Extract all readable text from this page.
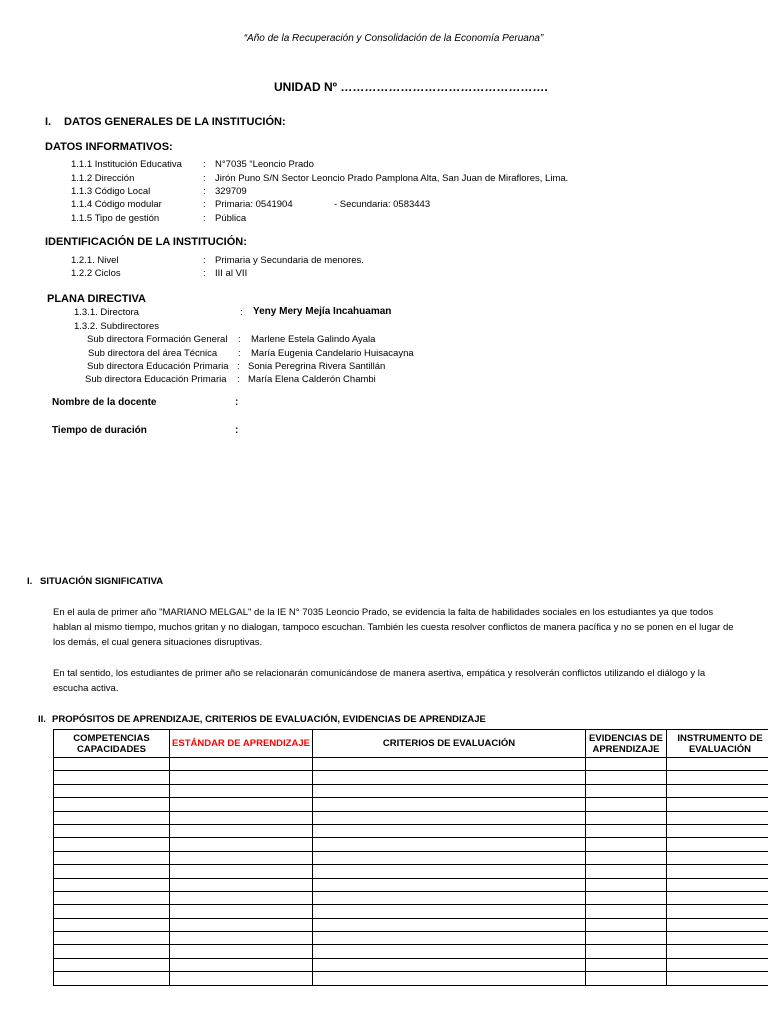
“Año de la Recuperación y Consolidación de la Economía Peruana”
UNIDAD Nº …………………………………………….
I. DATOS GENERALES DE LA INSTITUCIÓN:
DATOS INFORMATIVOS:
1.1.1 Institución Educativa : N°7035 “Leoncio Prado
1.1.2 Dirección	: Jirón Puno S/N Sector Leoncio Prado Pamplona Alta, San Juan de Miraflores, Lima.
1.1.3 Código Local	: 329709
1.1.4 Código modular	: Primaria: 0541904	- Secundaria: 0583443
1.1.5 Tipo de gestión	: Pública
IDENTIFICACIÓN DE LA INSTITUCIÓN:
1.2.1. Nivel	: Primaria y Secundaria de menores.
1.2.2 Ciclos	: III al VII
PLANA DIRECTIVA
1.3.1. Directora	: Yeny Mery Mejía Incahuaman
1.3.2. Subdirectores
Sub directora Formación General : Marlene Estela Galindo Ayala
Sub directora del área Técnica : María Eugenia Candelario Huisacayna
Sub directora Educación Primaria : Sonia Peregrina Rivera Santillán
Sub directora Educación Primaria : María Elena Calderón Chambi
Nombre de la docente	:
Tiempo de duración	:
I. SITUACIÓN SIGNIFICATIVA
En el aula de primer año "MARIANO MELGAL" de la IE N° 7035 Leoncio Prado, se evidencia la falta de habilidades sociales en los estudiantes ya que todos hablan al mismo tiempo, muchos gritan y no dialogan, tampoco escuchan. También les cuesta resolver conflictos de manera pacífica y no se ponen en el lugar de los demás, el cual genera situaciones disruptivas.
En tal sentido, los estudiantes de primer año se relacionarán comunicándose de manera asertiva, empática y resolverán conflictos utilizando el diálogo y la escucha activa.
II. PROPÓSITOS DE APRENDIZAJE, CRITERIOS DE EVALUACIÓN, EVIDENCIAS DE APRENDIZAJE
COMPETENCIAS CAPACIDADES	ESTÁNDAR DE APRENDIZAJE	CRITERIOS DE EVALUACIÓN	EVIDENCIAS DE APRENDIZAJE	INSTRUMENTO DE EVALUACIÓN
